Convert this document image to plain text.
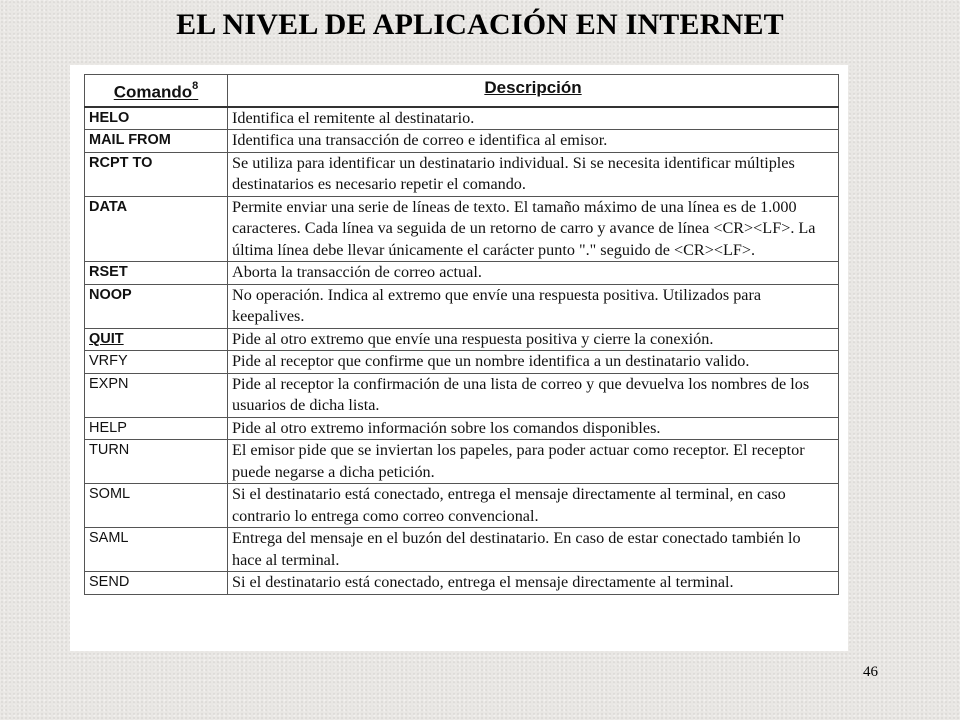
EL NIVEL DE APLICACIÓN EN INTERNET
Comando$^8$	Descripción
HELO	Identifica el remitente al destinatario.
MAIL FROM	Identifica una transacción de correo e identifica al emisor.
RCPT TO	Se utiliza para identificar un destinatario individual. Si se necesita identificar múltiples destinatarios es necesario repetir el comando.
DATA	Permite enviar una serie de líneas de texto. El tamaño máximo de una línea es de 1.000 caracteres. Cada línea va seguida de un retorno de carro y avance de línea <CR><LF>. La última línea debe llevar únicamente el carácter punto "." seguido de <CR><LF>.
RSET	Aborta la transacción de correo actual.
NOOP	No operación. Indica al extremo que envíe una respuesta positiva. Utilizados para keepalives.
QUIT	Pide al otro extremo que envíe una respuesta positiva y cierre la conexión.
VRFY	Pide al receptor que confirme que un nombre identifica a un destinatario valido.
EXPN	Pide al receptor la confirmación de una lista de correo y que devuelva los nombres de los usuarios de dicha lista.
HELP	Pide al otro extremo información sobre los comandos disponibles.
TURN	El emisor pide que se inviertan los papeles, para poder actuar como receptor. El receptor puede negarse a dicha petición.
SOML	Si el destinatario está conectado, entrega el mensaje directamente al terminal, en caso contrario lo entrega como correo convencional.
SAML	Entrega del mensaje en el buzón del destinatario. En caso de estar conectado también lo hace al terminal.
SEND	Si el destinatario está conectado, entrega el mensaje directamente al terminal.
46
